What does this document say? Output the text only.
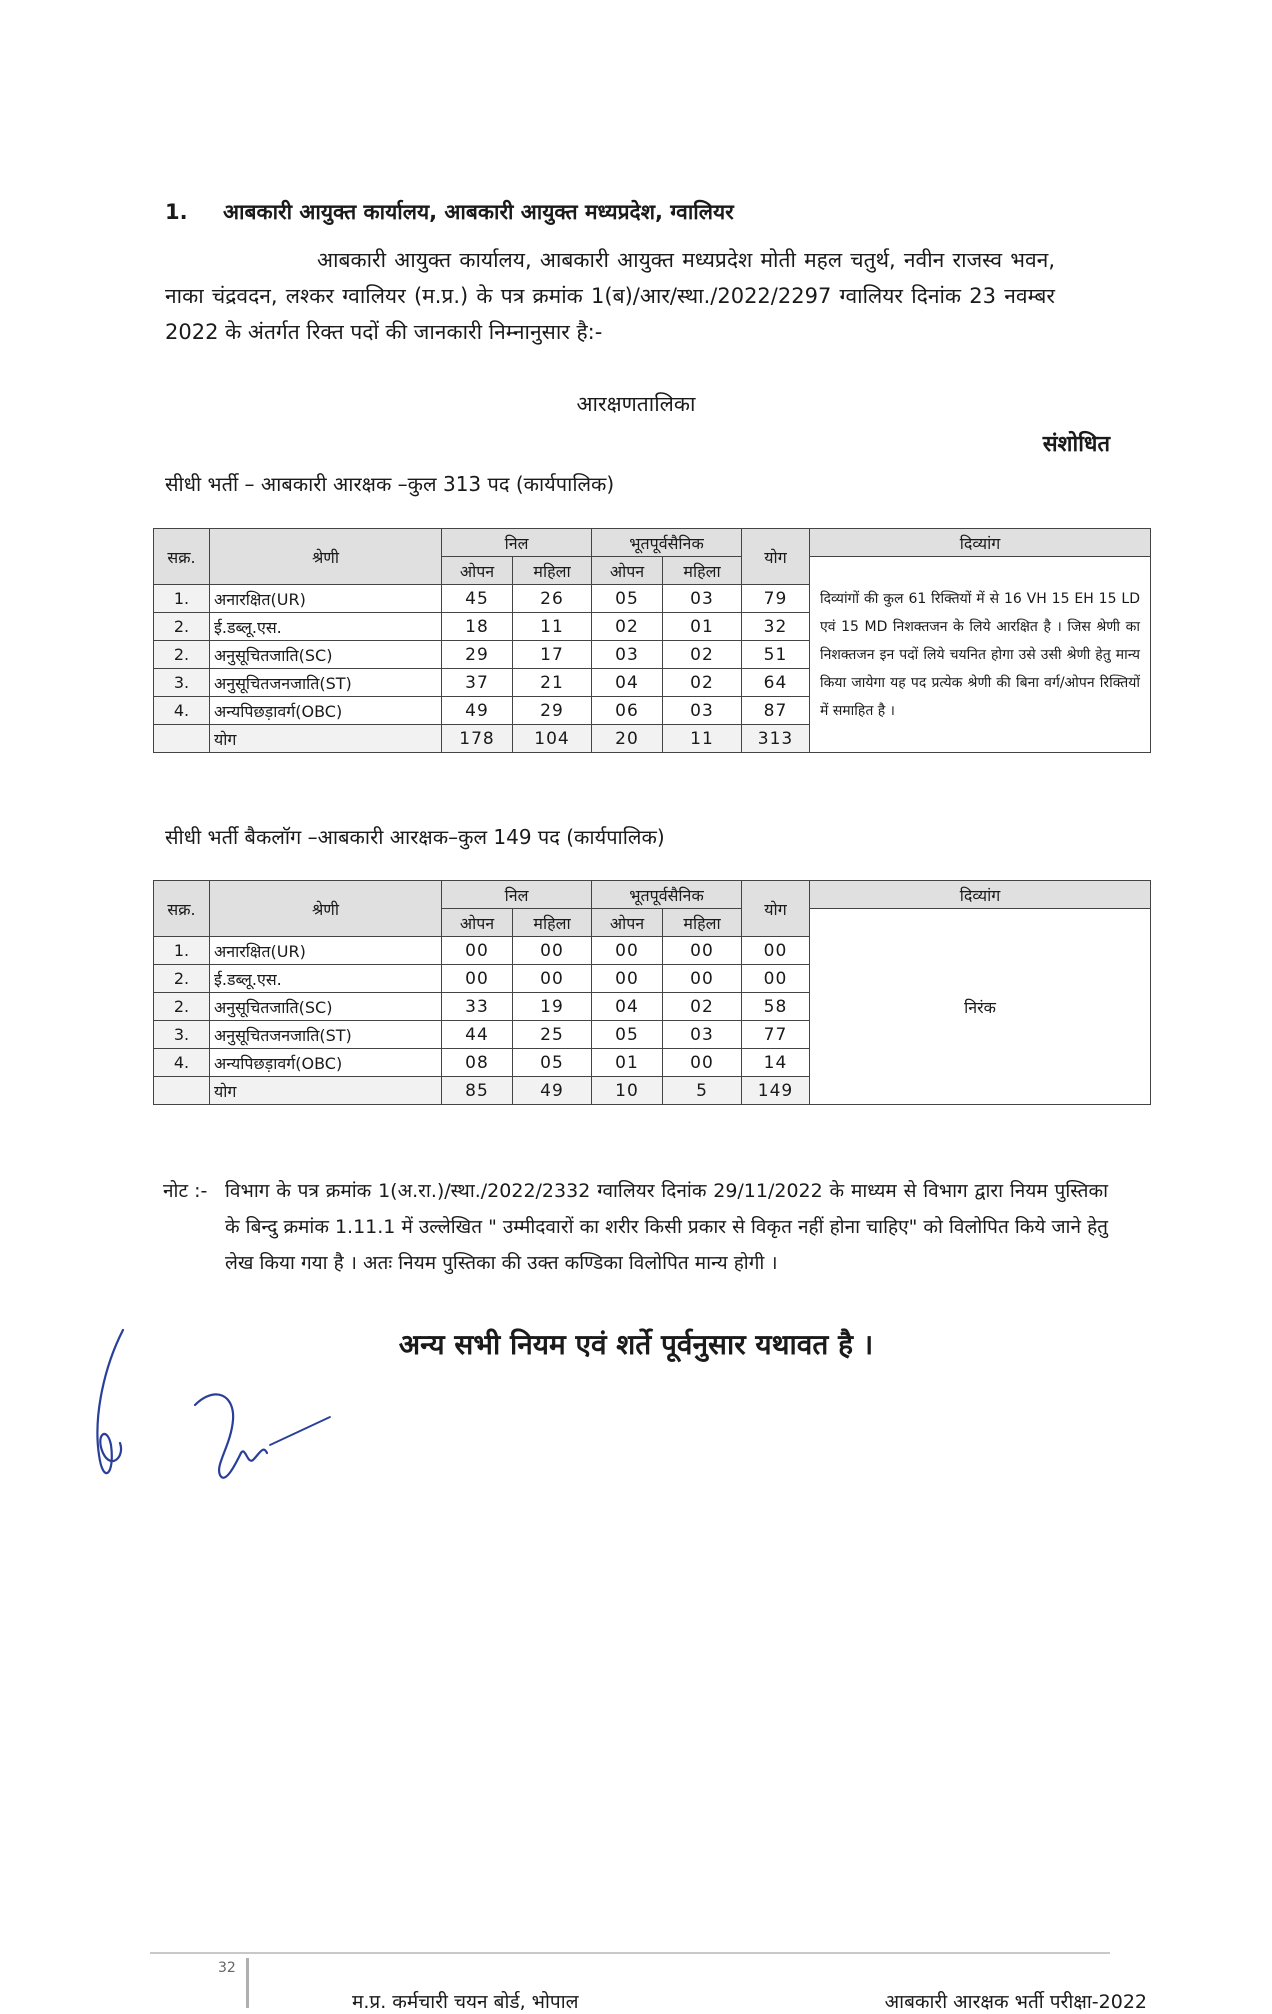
1. आबकारी आयुक्त कार्यालय, आबकारी आयुक्त मध्यप्रदेश, ग्वालियर
आबकारी आयुक्त कार्यालय, आबकारी आयुक्त मध्यप्रदेश मोती महल चतुर्थ, नवीन राजस्व भवन, नाका चंद्रवदन, लश्कर ग्वालियर (म.प्र.) के पत्र क्रमांक 1(ब)/आर/स्था./2022/2297 ग्वालियर दिनांक 23 नवम्बर 2022 के अंतर्गत रिक्त पदों की जानकारी निम्नानुसार है:-
आरक्षणतालिका
संशोधित
सीधी भर्ती – आबकारी आरक्षक –कुल 313 पद (कार्यपालिक)
सक्र.	श्रेणी	निल		भूतपूर्वसैनिक		योग	दिव्यांग
		ओपन	महिला	ओपन	महिला		दिव्यांगों की कुल 61 रिक्तियों में से 16 VH 15 EH 15 LD एवं 15 MD निशक्तजन के लिये आरक्षित है । जिस श्रेणी का निशक्तजन इन पदों लिये चयनित होगा उसे उसी श्रेणी हेतु मान्य किया जायेगा यह पद प्रत्येक श्रेणी की बिना वर्ग/ओपन रिक्तियों में समाहित है ।
1.	अनारक्षित(UR)	45	26	05	03	79	
2.	ई.डब्लू.एस.	18	11	02	01	32	
2.	अनुसूचितजाति(SC)	29	17	03	02	51	
3.	अनुसूचितजनजाति(ST)	37	21	04	02	64	
4.	अन्यपिछड़ावर्ग(OBC)	49	29	06	03	87	
	योग	178	104	20	11	313	
सीधी भर्ती बैकलॉग –आबकारी आरक्षक–कुल 149 पद (कार्यपालिक)
सक्र.	श्रेणी	निल		भूतपूर्वसैनिक		योग	दिव्यांग
		ओपन	महिला	ओपन	महिला		निरंक
1.	अनारक्षित(UR)	00	00	00	00	00	
2.	ई.डब्लू.एस.	00	00	00	00	00	
2.	अनुसूचितजाति(SC)	33	19	04	02	58	
3.	अनुसूचितजनजाति(ST)	44	25	05	03	77	
4.	अन्यपिछड़ावर्ग(OBC)	08	05	01	00	14	
	योग	85	49	10	5	149	
नोट :- विभाग के पत्र क्रमांक 1(अ.रा.)/स्था./2022/2332 ग्वालियर दिनांक 29/11/2022 के माध्यम से विभाग द्वारा नियम पुस्तिका के बिन्दु क्रमांक 1.11.1 में उल्लेखित " उम्मीदवारों का शरीर किसी प्रकार से विकृत नहीं होना चाहिए" को विलोपित किये जाने हेतु लेख किया गया है । अतः नियम पुस्तिका की उक्त कण्डिका विलोपित मान्य होगी ।
अन्य सभी नियम एवं शर्ते पूर्वनुसार यथावत है ।
32
म.प्र. कर्मचारी चयन बोर्ड, भोपाल	आबकारी आरक्षक भर्ती परीक्षा-2022
